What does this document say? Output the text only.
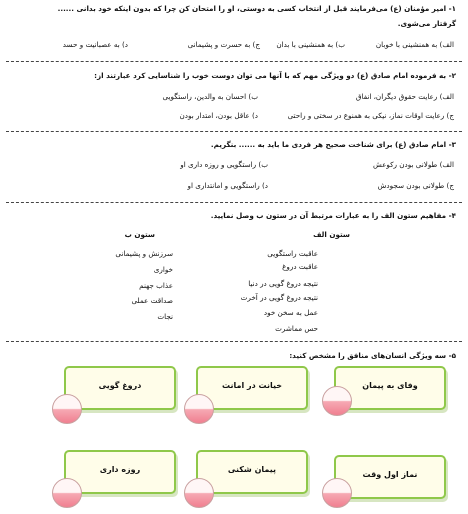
۱- امیر مؤمنان (ع) می‌فرمایند قبل از انتخاب کسی به دوستی، او را امتحان کن چرا که بدون اینکه خود بدانی ......
گرفتار می‌شوی.
الف) به همنشینی با خوبان
ب) به همنشینی با بدان
ج) به حسرت و پشیمانی
د) به عصبانیت و حسد
۲- به فرموده امام صادق (ع) دو ویژگی مهم که با آنها می توان دوست خوب را شناسایی کرد عبارتند از:
الف) رعایت حقوق دیگران، انفاق
ب) احسان به والدین، راستگویی
ج) رعایت اوقات نماز، نیکی به همنوع در سختی و راحتی
د) عاقل بودن، امتدار بودن
۳- امام صادق (ع) برای شناخت صحیح هر فردی ما باید به ...... بنگریم.
الف) طولانی بودن رکوعش
ب) راستگویی و روزه داری او
ج) طولانی بودن سجودش
د) راستگویی و امانتداری او
۴- مفاهیم ستون الف را به عبارات مرتبط آن در ستون ب وصل نمایید.
ستون الف
ستون ب
عاقبت راستگویی
عاقبت دروغ
نتیجه دروغ گویی در دنیا
نتیجه دروغ گویی در آخرت
عمل به سخن خود
حس مماشرت
سرزنش و پشیمانی
خواری
عذاب جهنم
صداقت عملی
نجات
۵- سه ویژگی انسان‌های منافق را مشخص کنید:
وفای به پیمان
خیانت در امانت
دروغ گویی
نماز اول وقت
پیمان شکنی
روزه داری
